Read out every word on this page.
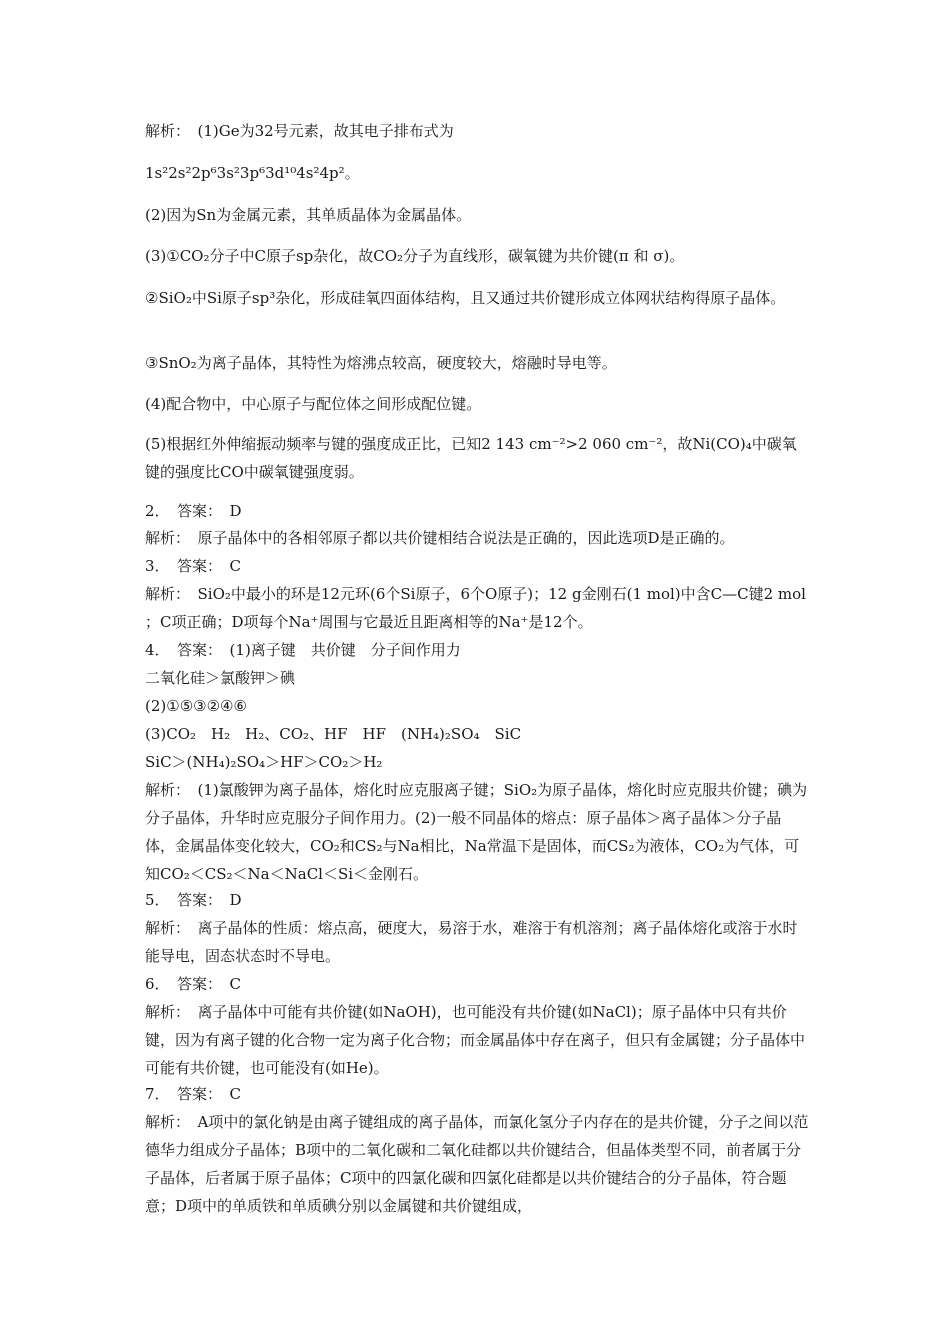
解析：　(1)Ge为32号元素，故其电子排布式为

1s²2s²2p⁶3s²3p⁶3d¹⁰4s²4p²。

(2)因为Sn为金属元素，其单质晶体为金属晶体。

(3)①CO₂分子中C原子sp杂化，故CO₂分子为直线形，碳氧键为共价键(π 和 σ)。

②SiO₂中Si原子sp³杂化，形成硅氧四面体结构，且又通过共价键形成立体网状结构得原子晶体。

③SnO₂为离子晶体，其特性为熔沸点较高，硬度较大，熔融时导电等。

(4)配合物中，中心原子与配位体之间形成配位键。

(5)根据红外伸缩振动频率与键的强度成正比，已知2 143 cm⁻²>2 060 cm⁻²，故Ni(CO)₄中碳氧键的强度比CO中碳氧键强度弱。

2．　答案：　D

解析：　原子晶体中的各相邻原子都以共价键相结合说法是正确的，因此选项D是正确的。

3．　答案：　C

解析：　SiO₂中最小的环是12元环(6个Si原子，6个O原子)；12 g金刚石(1 mol)中含C—C键2 mol ；C项正确；D项每个Na⁺周围与它最近且距离相等的Na⁺是12个。

4．　答案：　(1)离子键　共价键　分子间作用力

二氧化硅＞氯酸钾＞碘

(2)①⑤③②④⑥

(3)CO₂　H₂　H₂、CO₂、HF　HF　(NH₄)₂SO₄　SiC

SiC＞(NH₄)₂SO₄＞HF＞CO₂＞H₂

解析：　(1)氯酸钾为离子晶体，熔化时应克服离子键；SiO₂为原子晶体，熔化时应克服共价键；碘为分子晶体，升华时应克服分子间作用力。(2)一般不同晶体的熔点：原子晶体＞离子晶体＞分子晶体，金属晶体变化较大，CO₂和CS₂与Na相比，Na常温下是固体，而CS₂为液体，CO₂为气体，可知CO₂＜CS₂＜Na＜NaCl＜Si＜金刚石。

5．　答案：　D

解析：　离子晶体的性质：熔点高，硬度大，易溶于水，难溶于有机溶剂；离子晶体熔化或溶于水时能导电，固态状态时不导电。

6．　答案：　C

解析：　离子晶体中可能有共价键(如NaOH)，也可能没有共价键(如NaCl)；原子晶体中只有共价键，因为有离子键的化合物一定为离子化合物；而金属晶体中存在离子，但只有金属键；分子晶体中可能有共价键，也可能没有(如He)。

7．　答案：　C

解析：　A项中的氯化钠是由离子键组成的离子晶体，而氯化氢分子内存在的是共价键，分子之间以范德华力组成分子晶体；B项中的二氧化碳和二氧化硅都以共价键结合，但晶体类型不同，前者属于分子晶体，后者属于原子晶体；C项中的四氯化碳和四氯化硅都是以共价键结合的分子晶体，符合题意；D项中的单质铁和单质碘分别以金属键和共价键组成，
